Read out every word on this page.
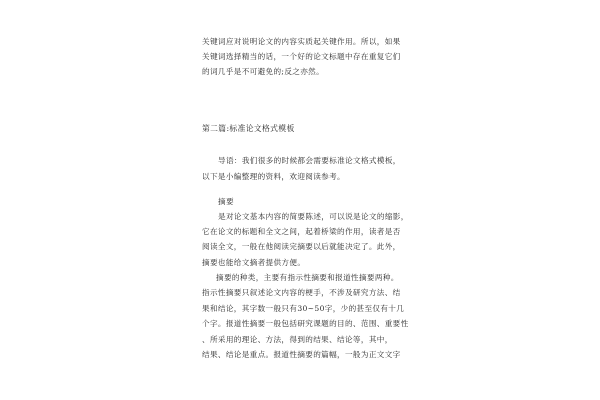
关键词应对说明论文的内容实质起关键作用。所以，如果
关键词选择精当的话，一个好的论文标题中存在重复它们
的词几乎是不可避免的;反之亦然。
第二篇:标准论文格式模板
导语：我们很多的时候都会需要标准论文格式模板，
以下是小编整理的资料，欢迎阅读参考。
摘要
是对论文基本内容的简要陈述，可以说是论文的缩影，
它在论文的标题和全文之间，起着桥梁的作用，读者是否
阅读全文，一般在他阅读完摘要以后就能决定了。此外，
摘要也能给文摘者提供方便。
摘要的种类，主要有指示性摘要和报道性摘要两种。
指示性摘要只叙述论文内容的梗手，不涉及研究方法、结
果和结论，其字数一般只有30~50字，少的甚至仅有十几
个字。报道性摘要一般包括研究课题的目的、范围、重要性
、所采用的理论、方法，得到的结果、结论等，其中，
结果、结论是重点。报道性摘要的篇幅，一般为正文文字
